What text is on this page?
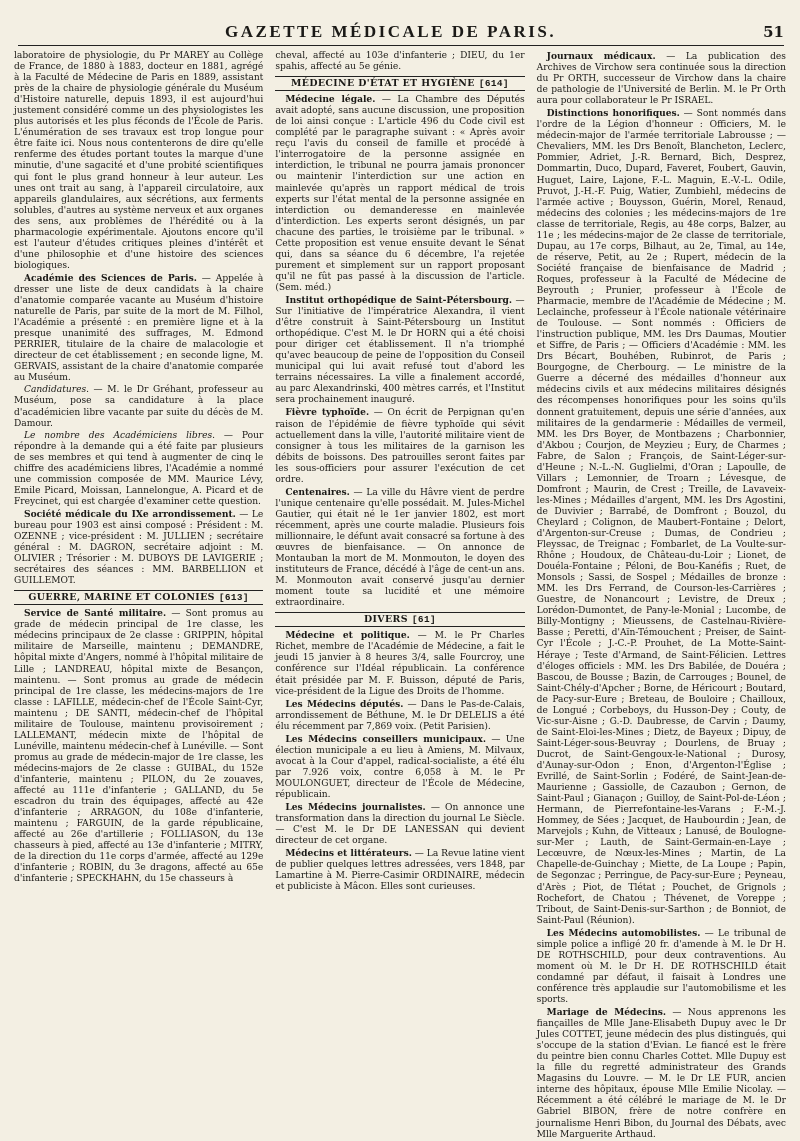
GAZETTE MÉDICALE DE PARIS.	51

laboratoire de physiologie, du Pr MAREY au Collège de France, de 1880 à 1883, docteur en 1881, agrégé à la Faculté de Médecine de Paris en 1889, assistant près de la chaire de physiologie générale du Muséum d'Histoire naturelle, depuis 1893, il est aujourd'hui justement considéré comme un des physiologistes les plus autorisés et les plus féconds de l'École de Paris. L'énumération de ses travaux est trop longue pour être faite ici. Nous nous contenterons de dire qu'elle renferme des études portant toutes la marque d'une minutie, d'une sagacité et d'une probité scientifiques qui font le plus grand honneur à leur auteur. Les unes ont trait au sang, à l'appareil circulatoire, aux appareils glandulaires, aux sécrétions, aux ferments solubles, d'autres au système nerveux et aux organes des sens, aux problèmes de l'hérédité ou à la pharmacologie expérimentale. Ajoutons encore qu'il est l'auteur d'études critiques pleines d'intérêt et d'une philosophie et d'une histoire des sciences biologiques.

Académie des Sciences de Paris. — Appelée à dresser une liste de deux candidats à la chaire d'anatomie comparée vacante au Muséum d'histoire naturelle de Paris, par suite de la mort de M. Filhol, l'Académie a présenté : en première ligne et à la presque unanimité des suffrages, M. Edmond PERRIER, titulaire de la chaire de malacologie et directeur de cet établissement ; en seconde ligne, M. GERVAIS, assistant de la chaire d'anatomie comparée au Muséum.

Candidatures. — M. le Dr Gréhant, professeur au Muséum, pose sa candidature à la place d'académicien libre vacante par suite du décès de M. Damour.

Le nombre des Académiciens libres. — Pour répondre à la demande qui a été faite par plusieurs de ses membres et qui tend à augmenter de cinq le chiffre des académiciens libres, l'Académie a nommé une commission composée de MM. Maurice Lévy, Emile Picard, Moissan, Lannelongue, A. Picard et de Freycinet, qui est chargée d'examiner cette question.

Société médicale du IXe arrondissement. — Le bureau pour 1903 est ainsi composé : Président : M. OZENNE ; vice-président : M. JULLIEN ; secrétaire général : M. DAGRON, secrétaire adjoint : M. OLIVIER ; Trésorier : M. DUBOYS DE LAVIGERIE ; secrétaires des séances : MM. BARBELLION et GUILLEMOT.

GUERRE, MARINE ET COLONIES [613]

Service de Santé militaire. — Sont promus au grade de médecin principal de 1re classe, les médecins principaux de 2e classe : GRIPPIN, hôpital militaire de Marseille, maintenu ; DEMANDRE, hôpital mixte d'Angers, nommé à l'hôpital militaire de Lille ; LANDREAU, hôpital mixte de Besançon, maintenu. — Sont promus au grade de médecin principal de 1re classe, les médecins-majors de 1re classe : LAFILLE, médecin-chef de l'École Saint-Cyr, maintenu ; DE SANTI, médecin-chef de l'hôpital militaire de Toulouse, maintenu provisoirement ; LALLEMANT, médecin mixte de l'hôpital de Lunéville, maintenu médecin-chef à Lunéville. — Sont promus au grade de médecin-major de 1re classe, les médecins-majors de 2e classe : GUIBAL, du 152e d'infanterie, maintenu ; PILON, du 2e zouaves, affecté au 111e d'infanterie ; GALLAND, du 5e escadron du train des équipages, affecté au 42e d'infanterie ; ARRAGON, du 108e d'infanterie, maintenu ; FARGUIN, de la garde républicaine, affecté au 26e d'artillerie ; FOLLIASON, du 13e chasseurs à pied, affecté au 13e d'infanterie ; MITRY, de la direction du 11e corps d'armée, affecté au 129e d'infanterie ; ROBIN, du 3e dragons, affecté au 65e d'infanterie ; SPECKHAHN, du 15e chasseurs à

cheval, affecté au 103e d'infanterie ; DIEU, du 1er spahis, affecté au 5e génie.

MÉDECINE D'ÉTAT ET HYGIÈNE [614]

Médecine légale. — La Chambre des Députés avait adopté, sans aucune discussion, une proposition de loi ainsi conçue : L'article 496 du Code civil est complété par le paragraphe suivant : « Après avoir reçu l'avis du conseil de famille et procédé à l'interrogatoire de la personne assignée en interdiction, le tribunal ne pourra jamais prononcer ou maintenir l'interdiction sur une action en mainlevée qu'après un rapport médical de trois experts sur l'état mental de la personne assignée en interdiction ou demanderesse en mainlevée d'interdiction. Les experts seront désignés, un par chacune des parties, le troisième par le tribunal. » Cette proposition est venue ensuite devant le Sénat qui, dans sa séance du 6 décembre, l'a rejetée purement et simplement sur un rapport proposant qu'il ne fût pas passé à la discussion de l'article. (Sem. méd.)

Institut orthopédique de Saint-Pétersbourg. — Sur l'initiative de l'impératrice Alexandra, il vient d'être construit à Saint-Pétersbourg un Institut orthopédique. C'est M. le Dr HORN qui a été choisi pour diriger cet établissement. Il n'a triomphé qu'avec beaucoup de peine de l'opposition du Conseil municipal qui lui avait refusé tout d'abord les terrains nécessaires. La ville a finalement accordé, au parc Alexandrinski, 400 mètres carrés, et l'Institut sera prochainement inauguré.

Fièvre typhoïde. — On écrit de Perpignan qu'en raison de l'épidémie de fièvre typhoïde qui sévit actuellement dans la ville, l'autorité militaire vient de consigner à tous les militaires de la garnison les débits de boissons. Des patrouilles seront faites par les sous-officiers pour assurer l'exécution de cet ordre.

Centenaires. — La ville du Hâvre vient de perdre l'unique centenaire qu'elle possédait. M. Jules-Michel Gautier, qui était né le 1er janvier 1802, est mort récemment, après une courte maladie. Plusieurs fois millionnaire, le défunt avait consacré sa fortune à des œuvres de bienfaisance. — On annonce de Montauban la mort de M. Monmouton, le doyen des instituteurs de France, décédé à l'âge de cent-un ans. M. Monmouton avait conservé jusqu'au dernier moment toute sa lucidité et une mémoire extraordinaire.

DIVERS [61]

Médecine et politique. — M. le Pr Charles Richet, membre de l'Académie de Médecine, a fait le jeudi 15 janvier à 8 heures 3/4, salle Fourcroy, une conférence sur l'Idéal républicain. La conférence était présidée par M. F. Buisson, député de Paris, vice-président de la Ligue des Droits de l'homme.

Les Médecins députés. — Dans le Pas-de-Calais, arrondissement de Béthune, M. le Dr DELELIS a été élu récemment par 7,869 voix. (Petit Parisien).

Les Médecins conseillers municipaux. — Une élection municipale a eu lieu à Amiens, M. Milvaux, avocat à la Cour d'appel, radical-socialiste, a été élu par 7.926 voix, contre 6,058 à M. le Pr MOULONGUET, directeur de l'École de Médecine, républicain.

Les Médecins journalistes. — On annonce une transformation dans la direction du journal Le Siècle. — C'est M. le Dr DE LANESSAN qui devient directeur de cet organe.

Médecins et littérateurs. — La Revue latine vient de publier quelques lettres adressées, vers 1848, par Lamartine à M. Pierre-Casimir ORDINAIRE, médecin et publiciste à Mâcon. Elles sont curieuses.

Journaux médicaux. — La publication des Archives de Virchow sera continuée sous la direction du Pr ORTH, successeur de Virchow dans la chaire de pathologie de l'Université de Berlin. M. le Pr Orth aura pour collaborateur le Pr ISRAEL.

Distinctions honorifiques. — Sont nommés dans l'ordre de la Légion d'honneur : Officiers, M. le médecin-major de l'armée territoriale Labrousse ; — Chevaliers, MM. les Drs Benoît, Blancheton, Leclerc, Pommier, Adriet, J.-R. Bernard, Bich, Desprez, Dommartin, Duco, Dupard, Faveret, Foubert, Gauvin, Huguet, Laire, Lajone, F.-L. Maguin, E.-V.-L. Odile, Pruvot, J.-H.-F. Puig, Watier, Zumbiehl, médecins de l'armée active ; Bouysson, Guérin, Morel, Renaud, médecins des colonies ; les médecins-majors de 1re classe de territoriale, Regis, au 48e corps, Balzer, au 11e ; les médecins-major de 2e classe de territoriale, Dupau, au 17e corps, Bilhaut, au 2e, Timal, au 14e, de réserve, Petit, au 2e ; Rupert, médecin de la Société française de bienfaisance de Madrid ; Roques, professeur à la Faculté de Médecine de Beyrouth ; Prunier, professeur à l'École de Pharmacie, membre de l'Académie de Médecine ; M. Leclainche, professeur à l'École nationale vétérinaire de Toulouse. — Sont nommés : Officiers de l'instruction publique, MM. les Drs Daumas, Moutier et Siffre, de Paris ; — Officiers d'Académie : MM. les Drs Bécart, Bouhében, Rubinrot, de Paris ; Bourgogne, de Cherbourg. — Le ministre de la Guerre a décerné des médailles d'honneur aux médecins civils et aux médecins militaires désignés des récompenses honorifiques pour les soins qu'ils donnent gratuitement, depuis une série d'années, aux militaires de la gendarmerie : Médailles de vermeil, MM. les Drs Boyer, de Montbazens ; Charbonnier, d'Akbou ; Courjon, de Meyzieu ; Eury, de Charmes ; Fabre, de Salon ; François, de Saint-Léger-sur-d'Heune ; N.-L.-N. Guglielmi, d'Oran ; Lapoulle, de Villars ; Lemonnier, de Troarn ; Lévesque, de Domfront ; Maurin, de Crest ; Treille, de Lavaveix-les-Mines ; Médailles d'argent, MM. les Drs Agostini, de Duvivier ; Barrabé, de Domfront ; Bouzol, du Cheylard ; Colignon, de Maubert-Fontaine ; Delort, d'Argenton-sur-Creuse ; Dumas, de Condrieu ; Fleyssac, de Treignac ; Fombarlet, de La Voulte-sur-Rhône ; Houdoux, de Château-du-Loir ; Lionet, de Douéla-Fontaine ; Péloni, de Bou-Kanéfis ; Ruet, de Monsols ; Sassi, de Sospel ; Médailles de bronze : MM. les Drs Ferrand, de Courson-les-Carrières ; Guestre, de Nonancourt ; Levistre, de Dreux ; Lorédon-Dumontet, de Pany-le-Monial ; Lucombe, de Billy-Montigny ; Mieussens, de Castelnau-Rivière-Basse ; Peretti, d'Aïn-Témouchent ; Preiser, de Saint-Cyr l'École ; J.-C.-P. Prouhet, de La Motte-Saint-Héraye ; Teste d'Armand, de Saint-Félicien. Lettres d'éloges officiels : MM. les Drs Babilée, de Douéra ; Bascou, de Bousse ; Bazin, de Carrouges ; Bounel, de Saint-Chély-d'Apcher ; Borne, de Héricourt ; Boutard, de Pacy-sur-Eure ; Breteau, de Bouloire ; Chailloux, de Longué ; Corbeboys, du Husson-Dey ; Couty, de Vic-sur-Aisne ; G.-D. Daubresse, de Carvin ; Daumy, de Saint-Eloi-les-Mines ; Dietz, de Bayeux ; Dipuy, de Saint-Léger-sous-Beuvray ; Dourlens, de Bruay ; Ducrot, de Saint-Gengoux-le-National ; Durosy, d'Aunay-sur-Odon ; Enon, d'Argenton-l'Église ; Evrillé, de Saint-Sorlin ; Fodéré, de Saint-Jean-de-Maurienne ; Gassiolle, de Cazaubon ; Gernon, de Saint-Paul ; Gianaçon ; Guilloy, de Saint-Pol-de-Léon ; Hermann, de Pierrefontaine-les-Varans ; F.-M.-J. Hommey, de Sées ; Jacquet, de Haubourdin ; Jean, de Marvejols ; Kuhn, de Vitteaux ; Lanusé, de Boulogne-sur-Mer ; Lauth, de Saint-Germain-en-Laye ; Lecœuvre, de Nœux-les-Mines ; Martin, de La Chapelle-de-Guinchay ; Miette, de La Loupe ; Papin, de Segonzac ; Perringue, de Pacy-sur-Eure ; Peyneau, d'Arès ; Piot, de Tlétat ; Pouchet, de Grignols ; Rochefort, de Chatou ; Thévenet, de Voreppe ; Tribout, de Saint-Denis-sur-Sarthon ; de Bonniot, de Saint-Paul (Réunion).

Les Médecins automobilistes. — Le tribunal de simple police a infligé 20 fr. d'amende à M. le Dr H. DE ROTHSCHILD, pour deux contraventions. Au moment où M. le Dr H. DE ROTHSCHILD était condamné par défaut, il faisait à Londres une conférence très applaudie sur l'automobilisme et les sports.

Mariage de Médecins. — Nous apprenons les fiançailles de Mlle Jane-Elisabeth Dupuy avec le Dr Jules COTTET, jeune médecin des plus distingués, qui s'occupe de la station d'Evian. Le fiancé est le frère du peintre bien connu Charles Cottet. Mlle Dupuy est la fille du regretté administrateur des Grands Magasins du Louvre. — M. le Dr LE FUR, ancien interne des hôpitaux, épouse Mlle Emilie Nicolay. — Récemment a été célébré le mariage de M. le Dr Gabriel BIBON, frère de notre confrère en journalisme Henri Bibon, du Journal des Débats, avec Mlle Marguerite Arthaud.
